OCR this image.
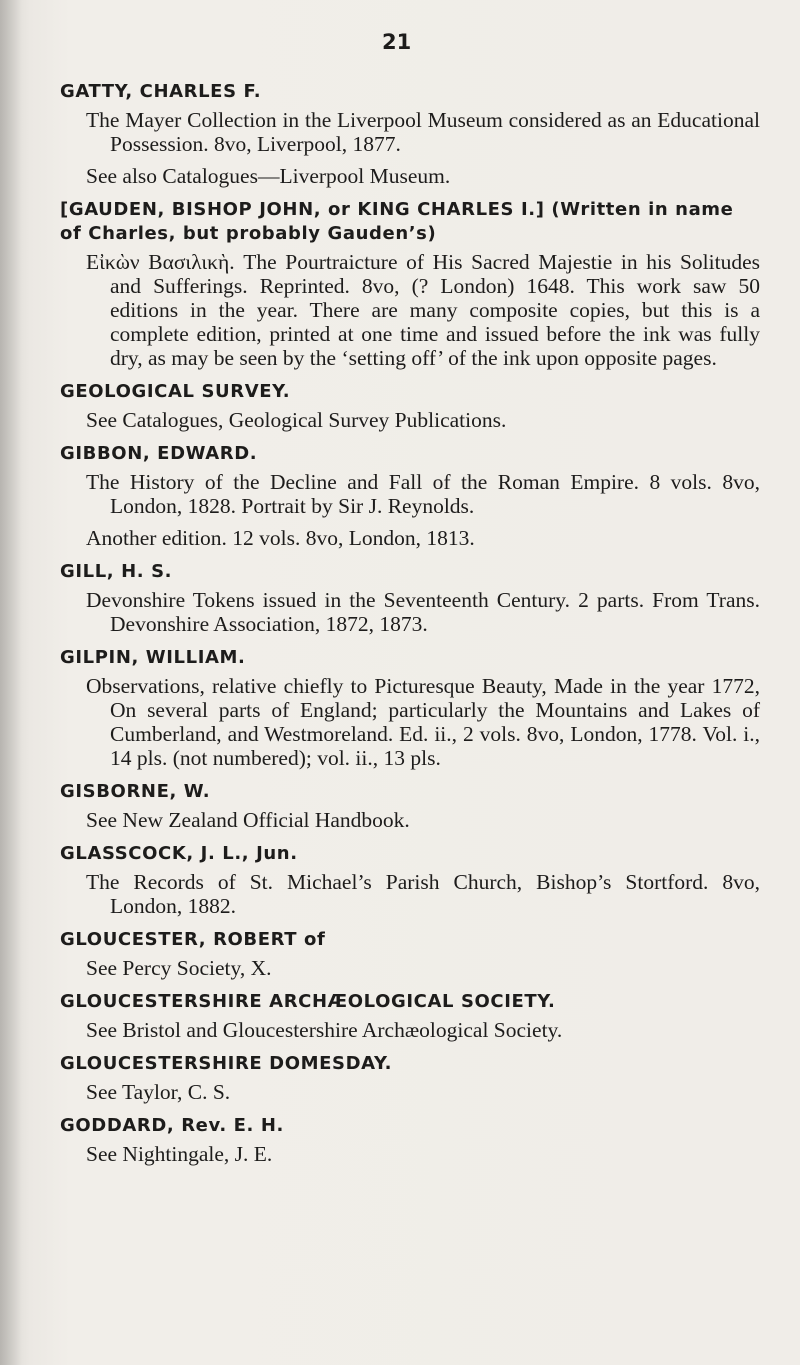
21

GATTY, CHARLES F.

The Mayer Collection in the Liverpool Museum considered as an Educational Possession. 8vo, Liverpool, 1877.

See also Catalogues—Liverpool Museum.

[GAUDEN, BISHOP JOHN, or KING CHARLES I.] (Written in name of Charles, but probably Gauden’s)

Εἰκὼν Βασιλικὴ. The Pourtraicture of His Sacred Majestie in his Solitudes and Sufferings. Reprinted. 8vo, (? London) 1648. This work saw 50 editions in the year. There are many composite copies, but this is a complete edition, printed at one time and issued before the ink was fully dry, as may be seen by the ‘setting off’ of the ink upon opposite pages.

GEOLOGICAL SURVEY.

See Catalogues, Geological Survey Publications.

GIBBON, EDWARD.

The History of the Decline and Fall of the Roman Empire. 8 vols. 8vo, London, 1828. Portrait by Sir J. Reynolds.

Another edition. 12 vols. 8vo, London, 1813.

GILL, H. S.

Devonshire Tokens issued in the Seventeenth Century. 2 parts. From Trans. Devonshire Association, 1872, 1873.

GILPIN, WILLIAM.

Observations, relative chiefly to Picturesque Beauty, Made in the year 1772, On several parts of England; particularly the Mountains and Lakes of Cumberland, and Westmoreland. Ed. ii., 2 vols. 8vo, London, 1778. Vol. i., 14 pls. (not numbered); vol. ii., 13 pls.

GISBORNE, W.

See New Zealand Official Handbook.

GLASSCOCK, J. L., Jun.

The Records of St. Michael’s Parish Church, Bishop’s Stortford. 8vo, London, 1882.

GLOUCESTER, ROBERT of

See Percy Society, X.

GLOUCESTERSHIRE ARCHÆOLOGICAL SOCIETY.

See Bristol and Gloucestershire Archæological Society.

GLOUCESTERSHIRE DOMESDAY.

See Taylor, C. S.

GODDARD, Rev. E. H.

See Nightingale, J. E.
